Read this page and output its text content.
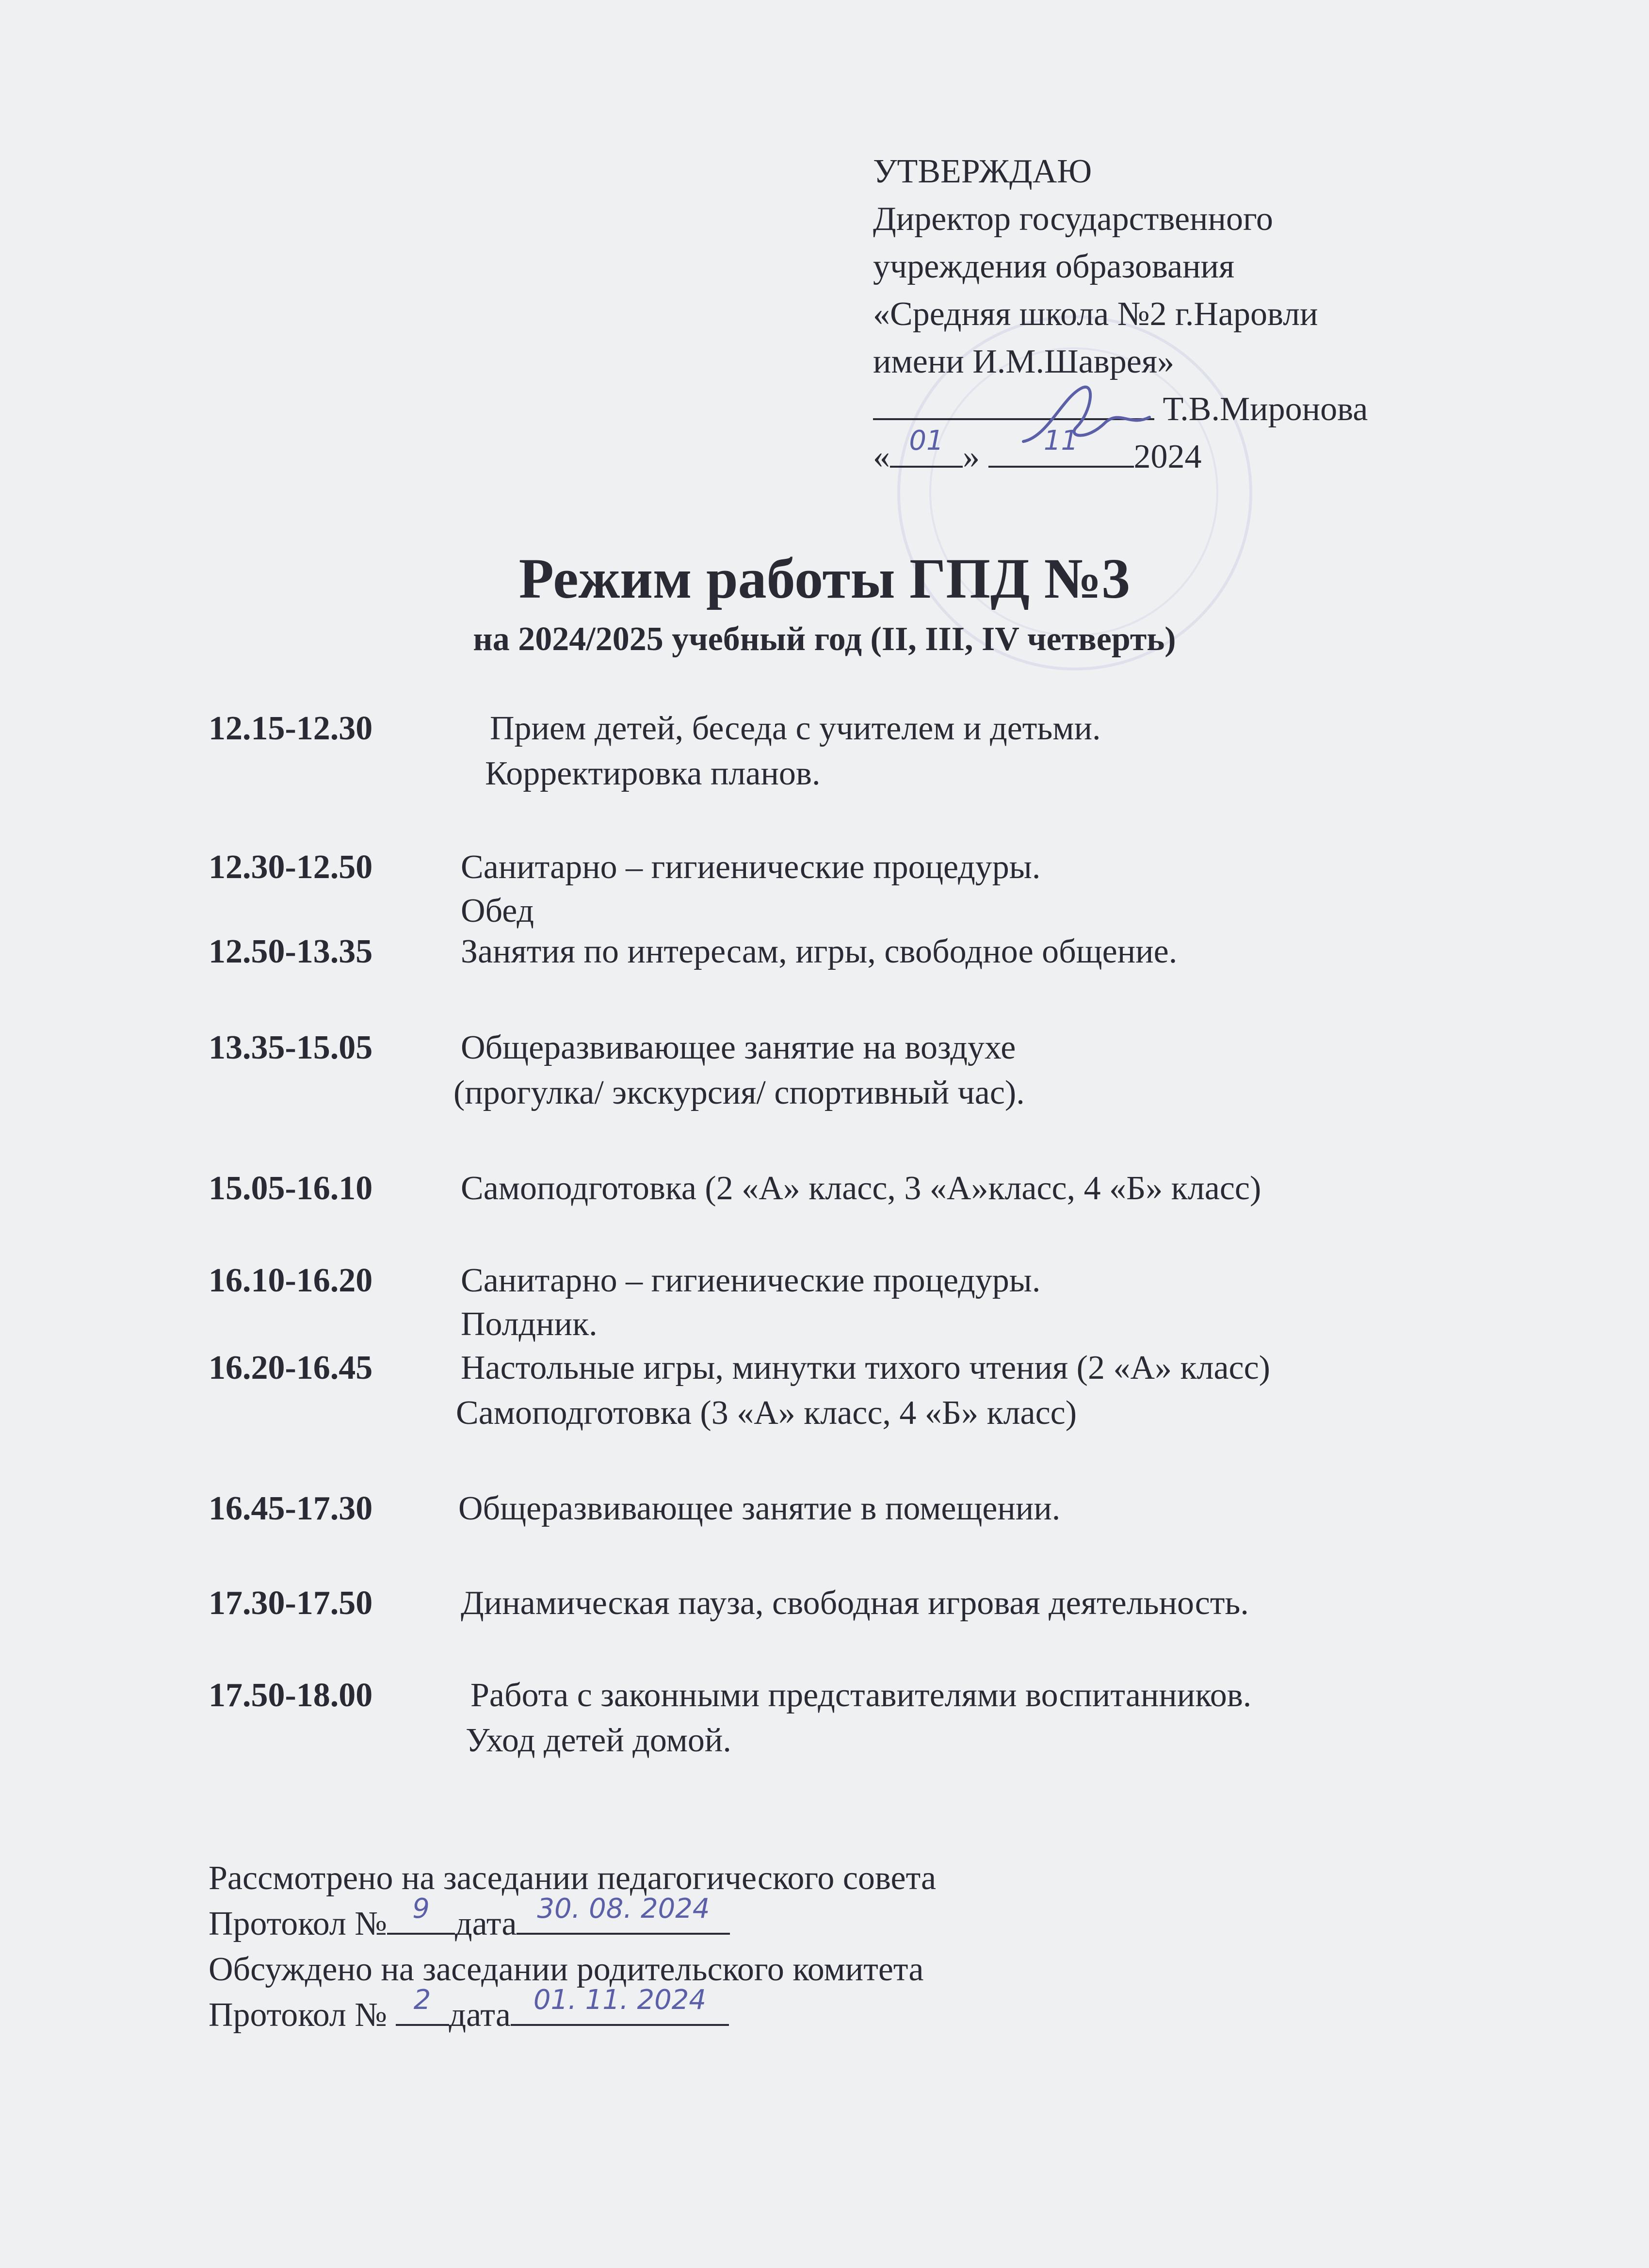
УТВЕРЖДАЮ
Директор государственного
учреждения образования
«Средняя школа №2 г.Наровли
имени И.М.Шаврея»
Т.В.Миронова
« 01 »	11	2024
Режим работы ГПД №3
на 2024/2025 учебный год (II, III, IV четверть)
12.15-12.30	Прием детей, беседа с учителем и детьми.
Корректировка планов.
12.30-12.50	Санитарно – гигиенические процедуры.
Обед
12.50-13.35	Занятия по интересам, игры, свободное общение.
13.35-15.05	Общеразвивающее занятие на воздухе
(прогулка/ экскурсия/ спортивный час).
15.05-16.10	Самоподготовка (2 «А» класс, 3 «А»класс, 4 «Б» класс)
16.10-16.20	Санитарно – гигиенические процедуры.
Полдник.
16.20-16.45	Настольные игры, минутки тихого чтения (2 «А» класс)
Самоподготовка (3 «А» класс, 4 «Б» класс)
16.45-17.30	Общеразвивающее занятие в помещении.
17.30-17.50	Динамическая пауза, свободная игровая деятельность.
17.50-18.00	Работа с законными представителями воспитанников.
Уход детей домой.
Рассмотрено на заседании педагогического совета
Протокол № 9 дата 30. 08. 2024
Обсуждено на заседании родительского комитета
Протокол № 2 дата 01. 11. 2024
